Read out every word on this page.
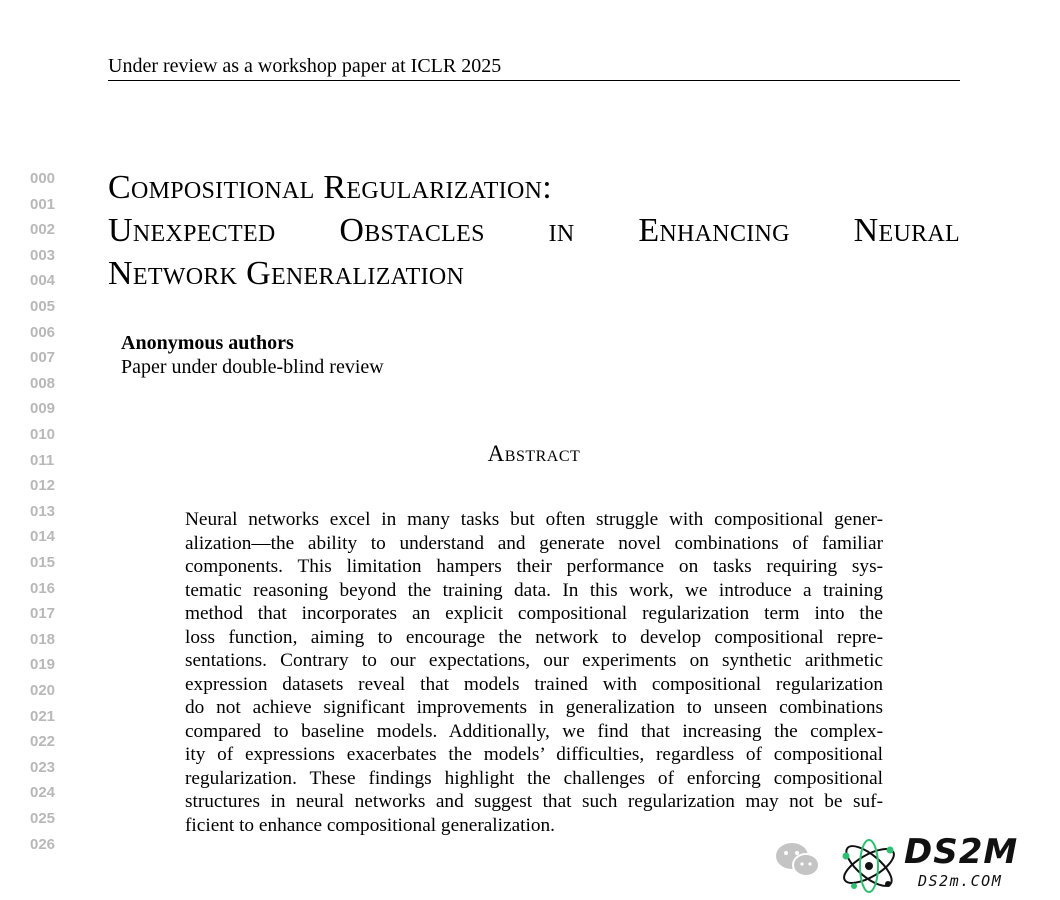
Under review as a workshop paper at ICLR 2025
000
001
002
003
004
005
006
007
008
009
010
011
012
013
014
015
016
017
018
019
020
021
022
023
024
025
026
Compositional Regularization:
Unexpected Obstacles in Enhancing Neural
Network Generalization
Anonymous authors
Paper under double-blind review
Abstract
Neural networks excel in many tasks but often struggle with compositional gener-
alization—the ability to understand and generate novel combinations of familiar
components. This limitation hampers their performance on tasks requiring sys-
tematic reasoning beyond the training data. In this work, we introduce a training
method that incorporates an explicit compositional regularization term into the
loss function, aiming to encourage the network to develop compositional repre-
sentations. Contrary to our expectations, our experiments on synthetic arithmetic
expression datasets reveal that models trained with compositional regularization
do not achieve significant improvements in generalization to unseen combinations
compared to baseline models. Additionally, we find that increasing the complex-
ity of expressions exacerbates the models’ difficulties, regardless of compositional
regularization. These findings highlight the challenges of enforcing compositional
structures in neural networks and suggest that such regularization may not be suf-
ficient to enhance compositional generalization.
DS2M
DS2m.COM
